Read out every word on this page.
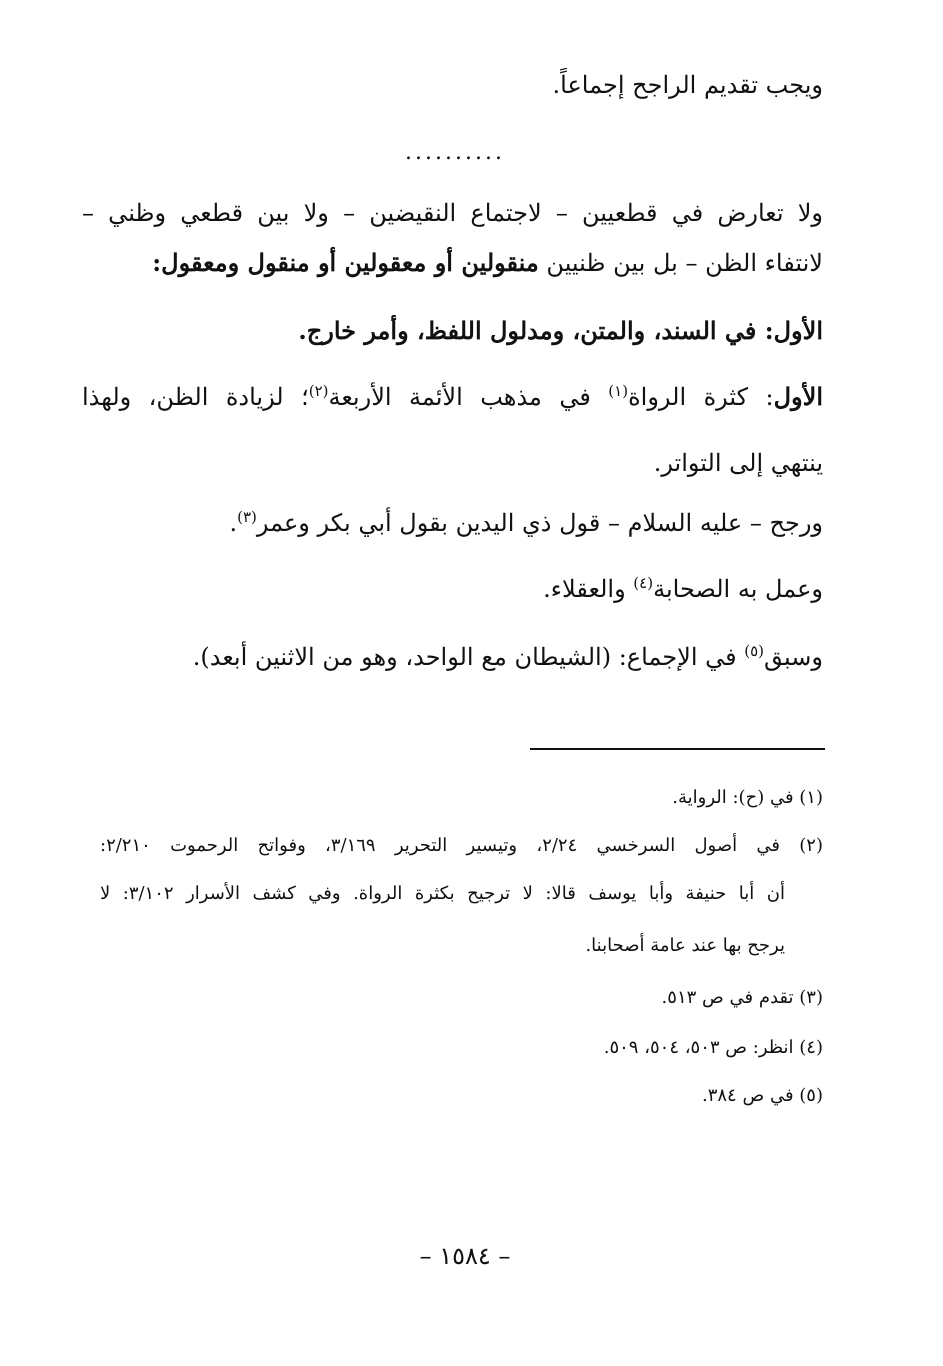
ويجب تقديم الراجح إجماعاً.
..........
ولا تعارض في قطعيين – لاجتماع النقيضين – ولا بين قطعي وظني –
لانتفاء الظن – بل بين ظنيين منقولين أو معقولين أو منقول ومعقول:
الأول: في السند، والمتن، ومدلول اللفظ، وأمر خارج.
الأول: كثرة الرواة$^{(١)}$ في مذهب الأئمة الأربعة$^{(٢)}$؛ لزيادة الظن، ولهذا
ينتهي إلى التواتر.
ورجح – عليه السلام – قول ذي اليدين بقول أبي بكر وعمر$^{(٣)}$.
وعمل به الصحابة$^{(٤)}$ والعقلاء.
وسبق$^{(٥)}$ في الإجماع: (الشيطان مع الواحد، وهو من الاثنين أبعد).
(١) في (ح): الرواية.
(٢) في أصول السرخسي ٢/٢٤، وتيسير التحرير ٣/١٦٩، وفواتح الرحموت ٢/٢١٠:
أن أبا حنيفة وأبا يوسف قالا: لا ترجيح بكثرة الرواة. وفي كشف الأسرار ٣/١٠٢: لا
يرجح بها عند عامة أصحابنا.
(٣) تقدم في ص ٥١٣.
(٤) انظر: ص ٥٠٣، ٥٠٤، ٥٠٩.
(٥) في ص ٣٨٤.
– ١٥٨٤ –
